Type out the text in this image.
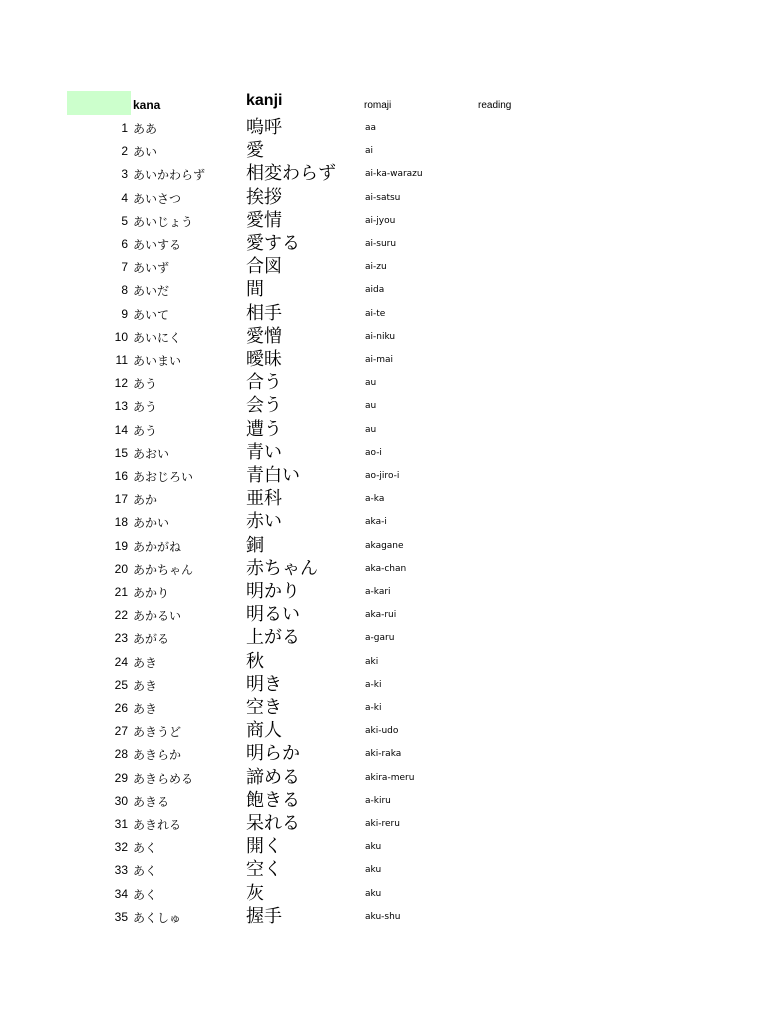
kana	kanji	romaji	reading
1 ああ	嗚呼	aa
2 あい	愛	ai
3 あいかわらず 相変わらず	ai-ka-warazu
4 あいさつ	挨拶	ai-satsu
5 あいじょう	愛情	ai-jyou
6 あいする	愛する	ai-suru
7 あいず	合図	ai-zu
8 あいだ	間	aida
9 あいて	相手	ai-te
10 あいにく	愛憎	ai-niku
11 あいまい	曖昧	ai-mai
12 あう	合う	au
13 あう	会う	au
14 あう	遭う	au
15 あおい	青い	ao-i
16 あおじろい	青白い	ao-jiro-i
17 あか	亜科	a-ka
18 あかい	赤い	aka-i
19 あかがね	銅	akagane
20 あかちゃん	赤ちゃん	aka-chan
21 あかり	明かり	a-kari
22 あかるい	明るい	aka-rui
23 あがる	上がる	a-garu
24 あき	秋	aki
25 あき	明き	a-ki
26 あき	空き	a-ki
27 あきうど	商人	aki-udo
28 あきらか	明らか	aki-raka
29 あきらめる	諦める	akira-meru
30 あきる	飽きる	a-kiru
31 あきれる	呆れる	aki-reru
32 あく	開く	aku
33 あく	空く	aku
34 あく	灰	aku
35 あくしゅ	握手	aku-shu
